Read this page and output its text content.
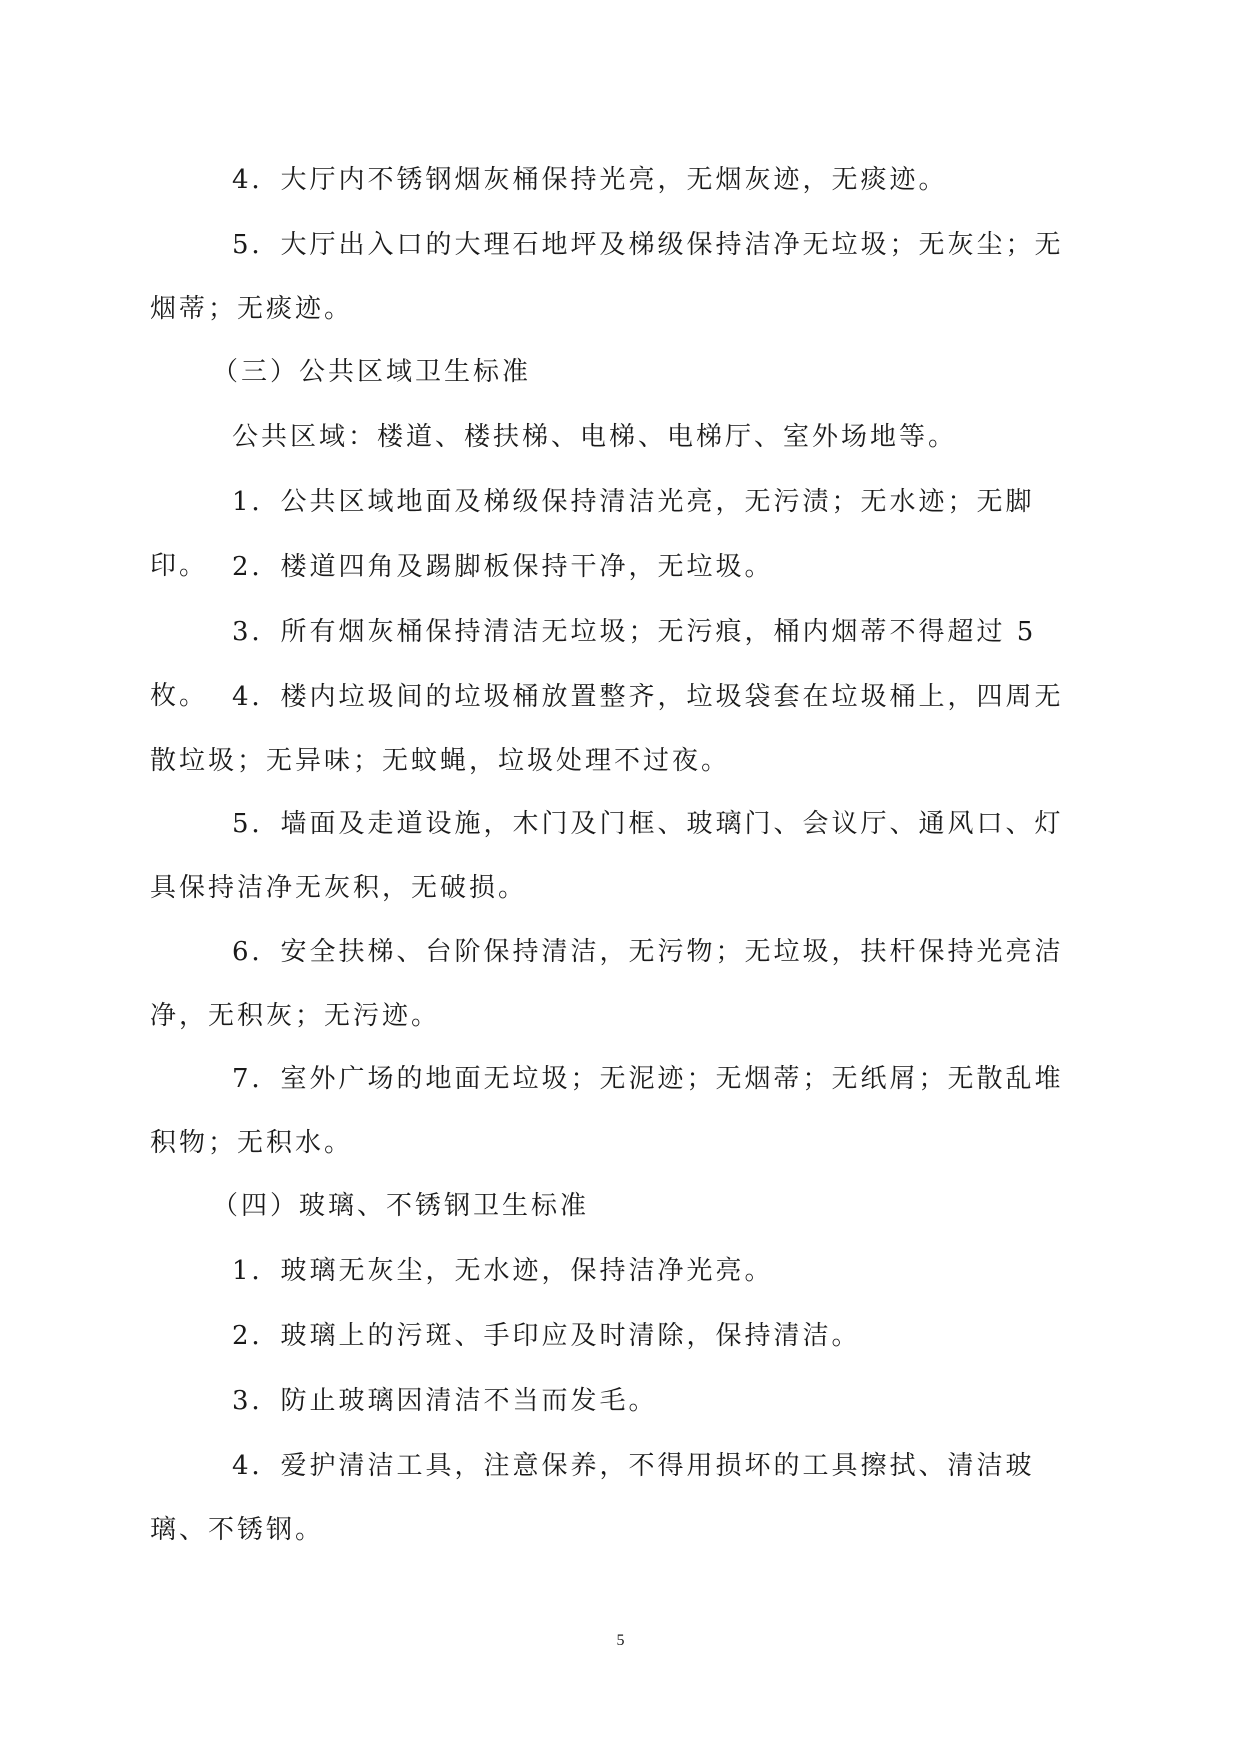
4．大厅内不锈钢烟灰桶保持光亮，无烟灰迹，无痰迹。

5．大厅出入口的大理石地坪及梯级保持洁净无垃圾；无灰尘；无烟蒂；无痰迹。

（三）公共区域卫生标准

公共区域：楼道、楼扶梯、电梯、电梯厅、室外场地等。

1．公共区域地面及梯级保持清洁光亮，无污渍；无水迹；无脚印。 2．楼道四角及踢脚板保持干净，无垃圾。

3．所有烟灰桶保持清洁无垃圾；无污痕，桶内烟蒂不得超过 5 枚。 4．楼内垃圾间的垃圾桶放置整齐，垃圾袋套在垃圾桶上，四周无散垃圾；无异味；无蚊蝇，垃圾处理不过夜。

5．墙面及走道设施，木门及门框、玻璃门、会议厅、通风口、灯具保持洁净无灰积，无破损。

6．安全扶梯、台阶保持清洁，无污物；无垃圾，扶杆保持光亮洁净，无积灰；无污迹。

7．室外广场的地面无垃圾；无泥迹；无烟蒂；无纸屑；无散乱堆积物；无积水。

（四）玻璃、不锈钢卫生标准

1．玻璃无灰尘，无水迹，保持洁净光亮。

2．玻璃上的污斑、手印应及时清除，保持清洁。

3．防止玻璃因清洁不当而发毛。

4．爱护清洁工具，注意保养，不得用损坏的工具擦拭、清洁玻璃、不锈钢。

5
